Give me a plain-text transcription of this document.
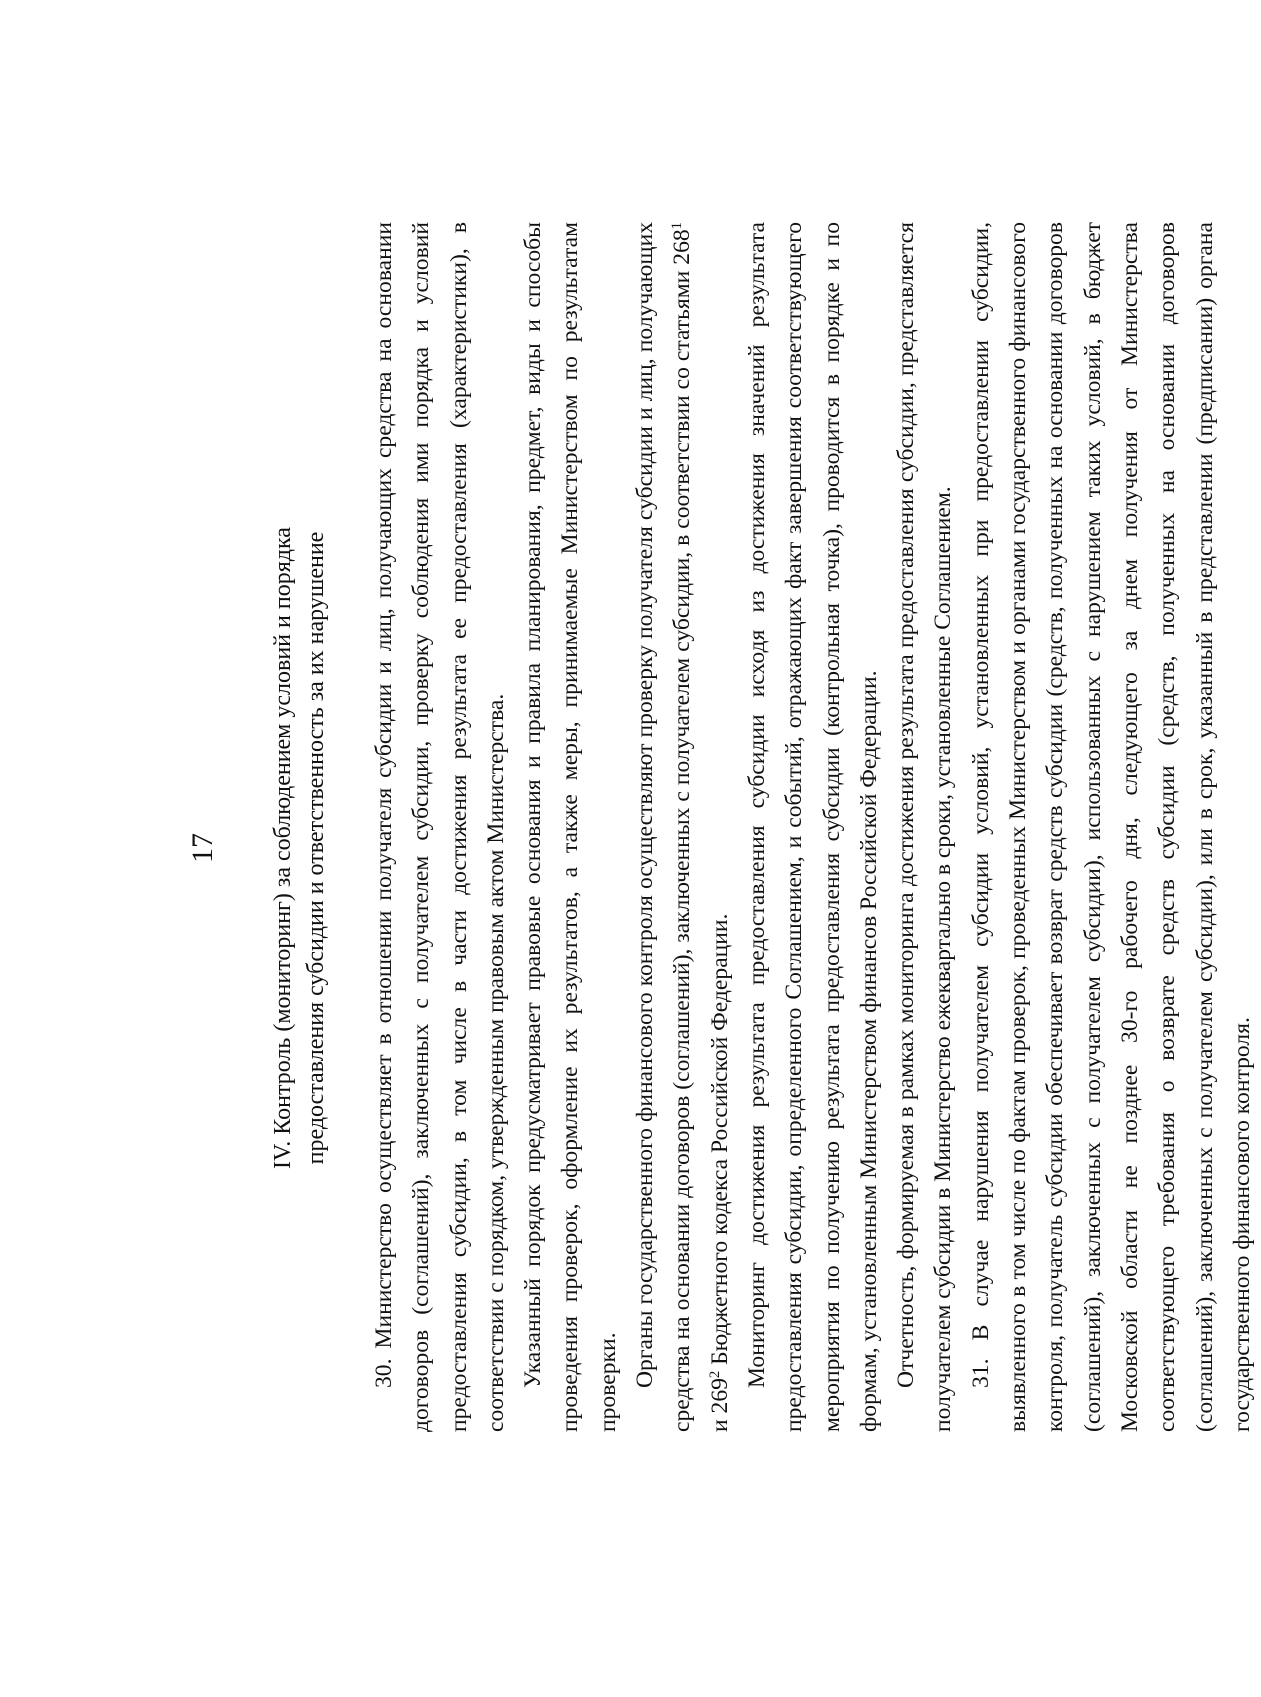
17 IV. Контроль (мониторинг) за соблюдением условий и порядка предоставления субсидии и ответственность за их нарушение 30. Министерство осуществляет в отношении получателя субсидии и лиц, получающих средства на основании договоров (соглашений), заключенных с получателем субсидии, проверку соблюдения ими порядка и условий предоставления субсидии, в том числе в части достижения результата ее предоставления (характеристики), в соответствии с порядком, утвержденным правовым актом Министерства. Указанный порядок предусматривает правовые основания и правила планирования, предмет, виды и способы проведения проверок, оформление их результатов, а также меры, принимаемые Министерством по результатам проверки. Органы государственного финансового контроля осуществляют проверку получателя субсидии и лиц, получающих средства на основании договоров (соглашений), заключенных с получателем субсидии, в соответствии со статьями $268^1$ и $269^2$ Бюджетного кодекса Российской Федерации. Мониторинг достижения результата предоставления субсидии исходя из достижения значений результата предоставления субсидии, определенного Соглашением, и событий, отражающих факт завершения соответствующего мероприятия по получению результата предоставления субсидии (контрольная точка), проводится в порядке и по формам, установленным Министерством финансов Российской Федерации. Отчетность, формируемая в рамках мониторинга достижения результата предоставления субсидии, представляется получателем субсидии в Министерство ежеквартально в сроки, установленные Соглашением. 31. В случае нарушения получателем субсидии условий, установленных при предоставлении субсидии, выявленного в том числе по фактам проверок, проведенных Министерством и органами государственного финансового контроля, получатель субсидии обеспечивает возврат средств субсидии (средств, полученных на основании договоров (соглашений), заключенных с получателем субсидии), использованных с нарушением таких условий, в бюджет Московской области не позднее 30-го рабочего дня, следующего за днем получения от Министерства соответствующего требования о возврате средств субсидии (средств, полученных на основании договоров (соглашений), заключенных с получателем субсидии), или в срок, указанный в представлении (предписании) органа государственного финансового контроля.
